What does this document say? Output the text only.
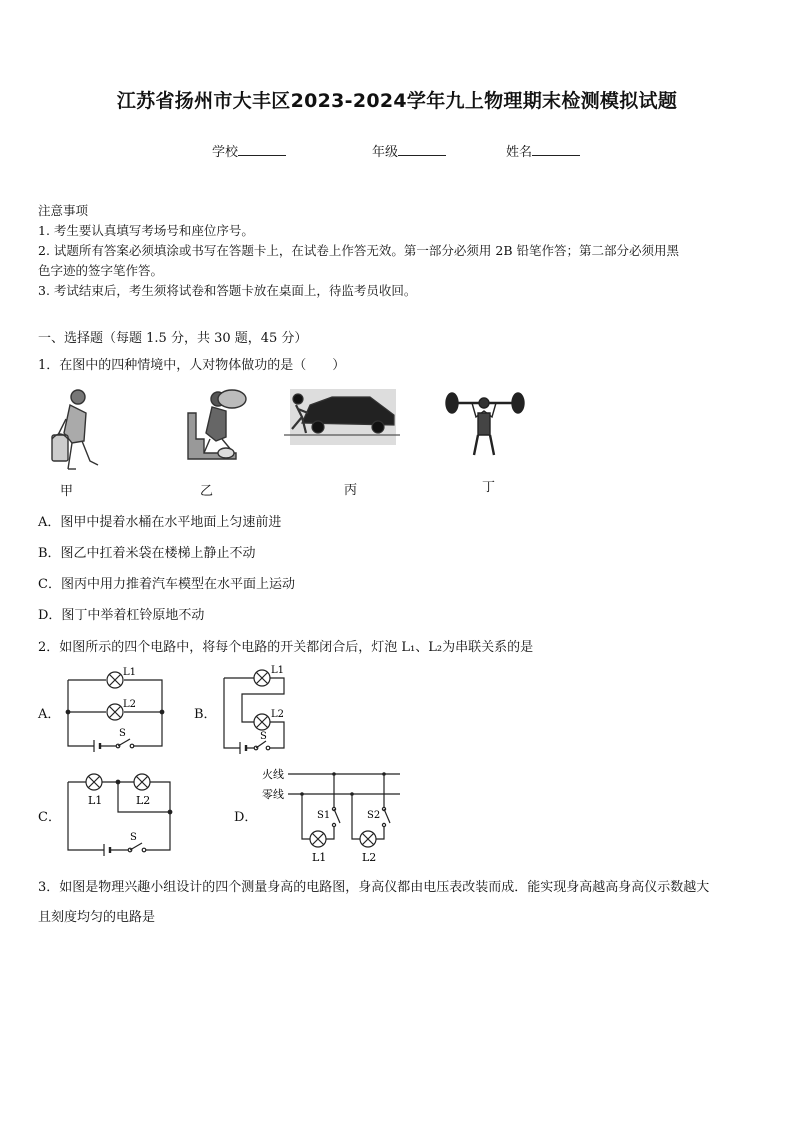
江苏省扬州市大丰区2023-2024学年九上物理期末检测模拟试题
学校	年级	姓名
注意事项
1. 考生要认真填写考场号和座位序号。
2. 试题所有答案必须填涂或书写在答题卡上，在试卷上作答无效。第一部分必须用 2B 铅笔作答；第二部分必须用黑
色字迹的签字笔作答。
3. 考试结束后，考生须将试卷和答题卡放在桌面上，待监考员收回。
一、选择题（每题 1.5 分，共 30 题，45 分）
1．在图中的四种情境中，人对物体做功的是（　　）
甲	乙	丙	丁
A．图甲中提着水桶在水平地面上匀速前进
B．图乙中扛着米袋在楼梯上静止不动
C．图丙中用力推着汽车模型在水平面上运动
D．图丁中举着杠铃原地不动
2．如图所示的四个电路中，将每个电路的开关都闭合后，灯泡 L₁、L₂为串联关系的是
A．	B．
C．	D．
L1
L2
S
L1
L2
S
L1	L2
S
火线
零线
S1	S2
L1	L2
3．如图是物理兴趣小组设计的四个测量身高的电路图，身高仪都由电压表改装而成．能实现身高越高身高仪示数越大
且刻度均匀的电路是
